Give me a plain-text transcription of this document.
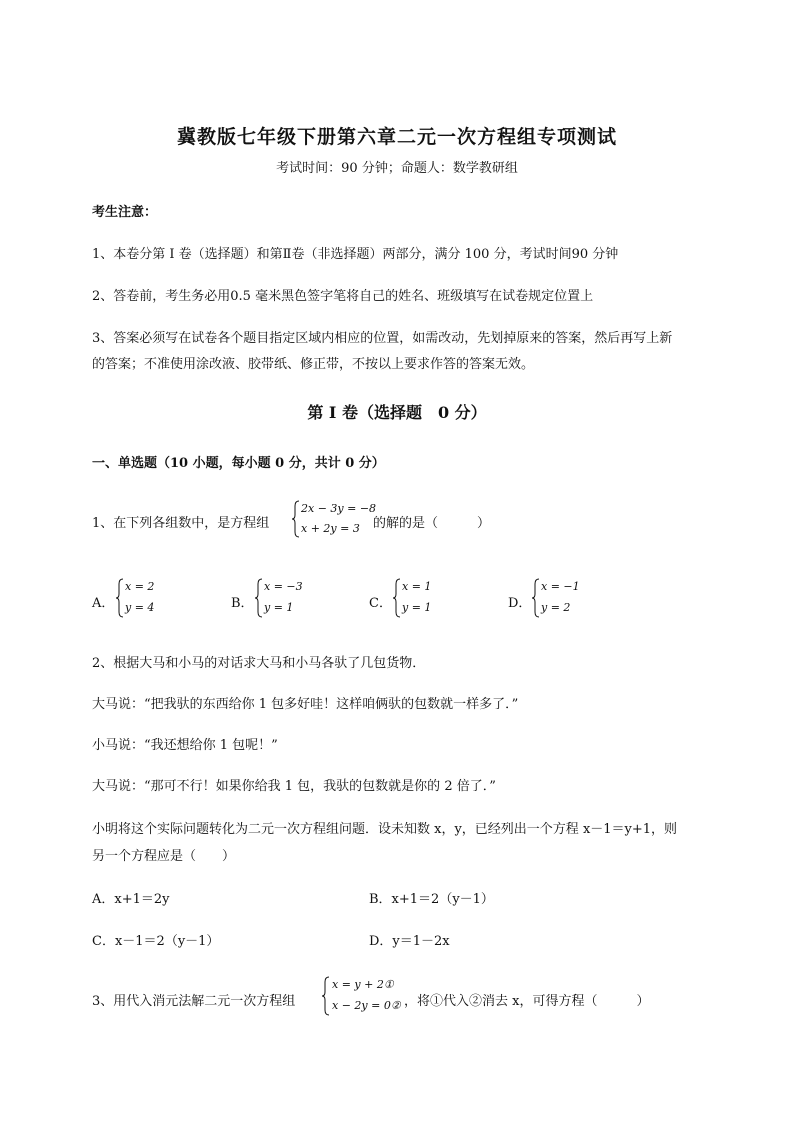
冀教版七年级下册第六章二元一次方程组专项测试
考试时间：90 分钟；命题人：数学教研组
考生注意：
1、本卷分第 I 卷（选择题）和第Ⅱ卷（非选择题）两部分，满分 100 分，考试时间90 分钟
2、答卷前，考生务必用0.5 毫米黑色签字笔将自己的姓名、班级填写在试卷规定位置上
3、答案必须写在试卷各个题目指定区域内相应的位置，如需改动，先划掉原来的答案，然后再写上新
的答案；不准使用涂改液、胶带纸、修正带，不按以上要求作答的答案无效。
第 I 卷（选择题　0 分）
一、单选题（10 小题，每小题 0 分，共计 0 分）
1、在下列各组数中，是方程组
2x − 3y = −8
x + 2y = 3 的解的是（　　　）
A．
x = 2
y = 4	B．
x = −3
y = 1	C．
x = 1
y = 1	D．
x = −1
y = 2
2、根据大马和小马的对话求大马和小马各驮了几包货物．
大马说：“把我驮的东西给你 1 包多好哇！这样咱俩驮的包数就一样多了．”
小马说：“我还想给你 1 包呢！”
大马说：“那可不行！如果你给我 1 包，我驮的包数就是你的 2 倍了．”
小明将这个实际问题转化为二元一次方程组问题．设未知数 x，y，已经列出一个方程 x－1＝y+1，则
另一个方程应是（　　）
A．x+1＝2y	B．x+1＝2（y－1）
C．x－1＝2（y－1）	D．y＝1－2x
3、用代入消元法解二元一次方程组
x = y + 2①
x − 2y = 0② ，将①代入②消去 x，可得方程（　　　）
